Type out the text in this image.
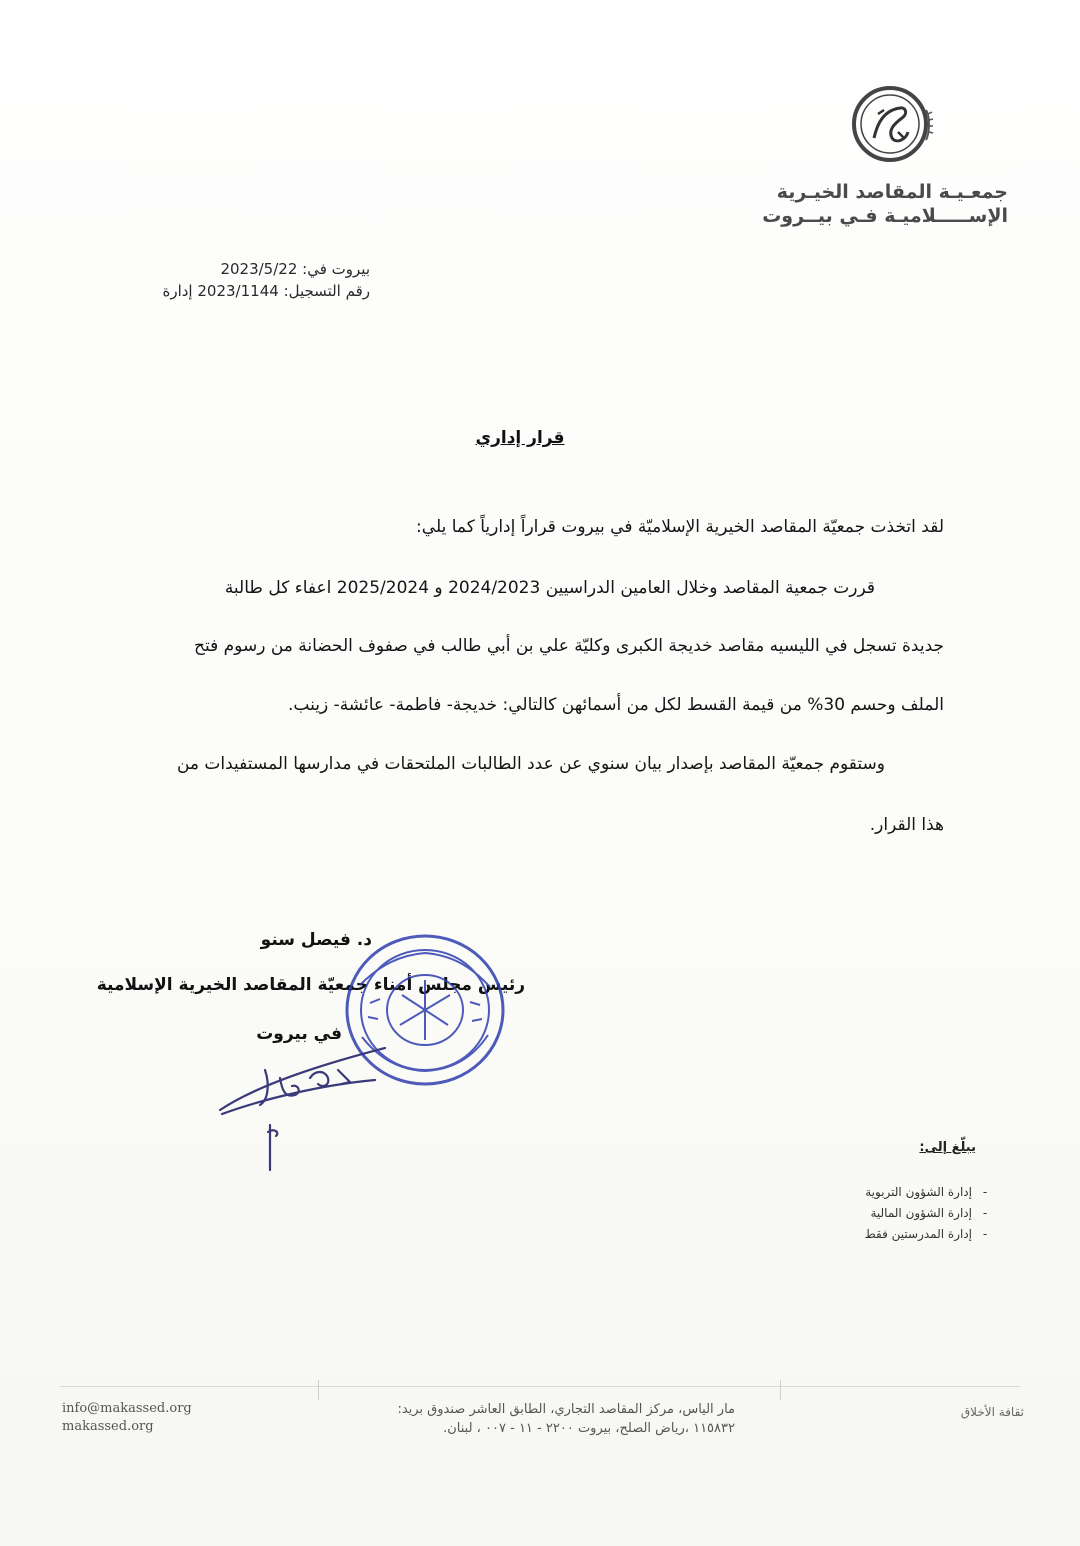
جمعـيـة المقاصد الخيـرية
الإســـــلاميـة فـي بيــروت
بيروت في: 2023/5/22
رقم التسجيل: 2023/1144 إدارة
قرار إداري
لقد اتخذت جمعيّة المقاصد الخيرية الإسلاميّة في بيروت قراراً إدارياً كما يلي:
قررت جمعية المقاصد وخلال العامين الدراسيين 2024/2023 و 2025/2024 اعفاء كل طالبة
جديدة تسجل في الليسيه مقاصد خديجة الكبرى وكليّة علي بن أبي طالب في صفوف الحضانة من رسوم فتح
الملف وحسم 30% من قيمة القسط لكل من أسمائهن كالتالي: خديجة- فاطمة- عائشة- زينب.
وستقوم جمعيّة المقاصد بإصدار بيان سنوي عن عدد الطالبات الملتحقات في مدارسها المستفيدات من
هذا القرار.
د. فيصل سنو
رئيس مجلس أمناء جمعيّة المقاصد الخيرية الإسلامية
في بيروت
يبلّغ إلى:
- إدارة الشؤون التربوية
- إدارة الشؤون المالية
- إدارة المدرستين فقط
info@makassed.org
makassed.org
مار الياس، مركز المقاصد التجاري، الطابق العاشر صندوق بريد:
١١٥٨٣٢ ،رياض الصلح، بيروت ٢٢٠٠ - ١١ - ٠٠٧ ، لبنان.
ثقافة الأخلاق
